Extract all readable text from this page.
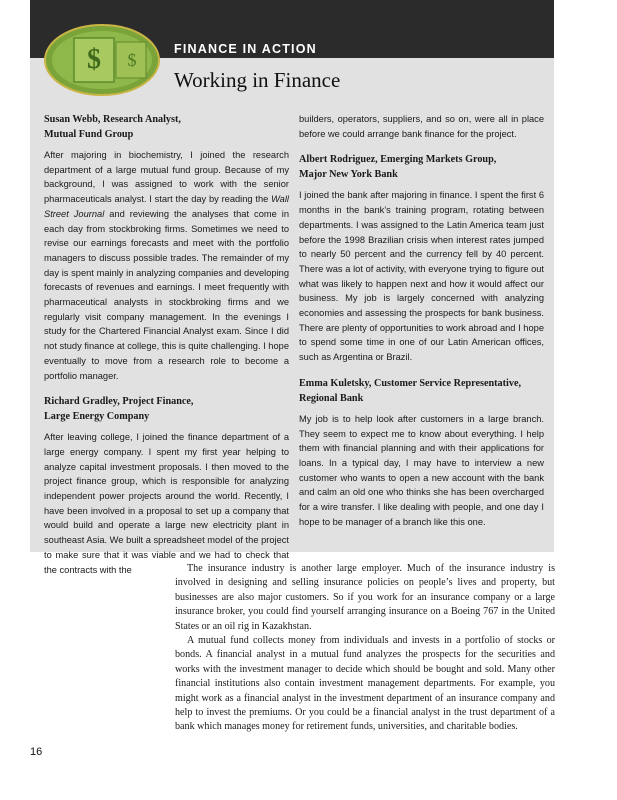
$ $
FINANCE IN ACTION
Working in Finance
Susan Webb, Research Analyst,
Mutual Fund Group

After majoring in biochemistry, I joined the research department of a large mutual fund group. Because of my background, I was assigned to work with the senior pharmaceuticals analyst. I start the day by reading the Wall Street Journal and reviewing the analyses that come in each day from stockbroking firms. Sometimes we need to revise our earnings forecasts and meet with the portfolio managers to discuss possible trades. The remainder of my day is spent mainly in analyzing companies and developing forecasts of revenues and earnings. I meet frequently with pharmaceutical analysts in stockbroking firms and we regularly visit company management. In the evenings I study for the Chartered Financial Analyst exam. Since I did not study finance at college, this is quite challenging. I hope eventually to move from a research role to become a portfolio manager.

Richard Gradley, Project Finance,
Large Energy Company

After leaving college, I joined the finance department of a large energy company. I spent my first year helping to analyze capital investment proposals. I then moved to the project finance group, which is responsible for analyzing independent power projects around the world. Recently, I have been involved in a proposal to set up a company that would build and operate a large new electricity plant in southeast Asia. We built a spreadsheet model of the project to make sure that it was viable and we had to check that the contracts with the

builders, operators, suppliers, and so on, were all in place before we could arrange bank finance for the project.

Albert Rodriguez, Emerging Markets Group,
Major New York Bank

I joined the bank after majoring in finance. I spent the first 6 months in the bank’s training program, rotating between departments. I was assigned to the Latin America team just before the 1998 Brazilian crisis when interest rates jumped to nearly 50 percent and the currency fell by 40 percent. There was a lot of activity, with everyone trying to figure out what was likely to happen next and how it would affect our business. My job is largely concerned with analyzing economies and assessing the prospects for bank business. There are plenty of opportunities to work abroad and I hope to spend some time in one of our Latin American offices, such as Argentina or Brazil.

Emma Kuletsky, Customer Service Representative,
Regional Bank

My job is to help look after customers in a large branch. They seem to expect me to know about everything. I help them with financial planning and with their applications for loans. In a typical day, I may have to interview a new customer who wants to open a new account with the bank and calm an old one who thinks she has been overcharged for a wire transfer. I like dealing with people, and one day I hope to be manager of a branch like this one.

The insurance industry is another large employer. Much of the insurance industry is involved in designing and selling insurance policies on people’s lives and property, but businesses are also major customers. So if you work for an insurance company or a large insurance broker, you could find yourself arranging insurance on a Boeing 767 in the United States or an oil rig in Kazakhstan.

A mutual fund collects money from individuals and invests in a portfolio of stocks or bonds. A financial analyst in a mutual fund analyzes the prospects for the securities and works with the investment manager to decide which should be bought and sold. Many other financial institutions also contain investment management departments. For example, you might work as a financial analyst in the investment department of an insurance company and help to invest the premiums. Or you could be a financial analyst in the trust department of a bank which manages money for retirement funds, universities, and charitable bodies.

16
